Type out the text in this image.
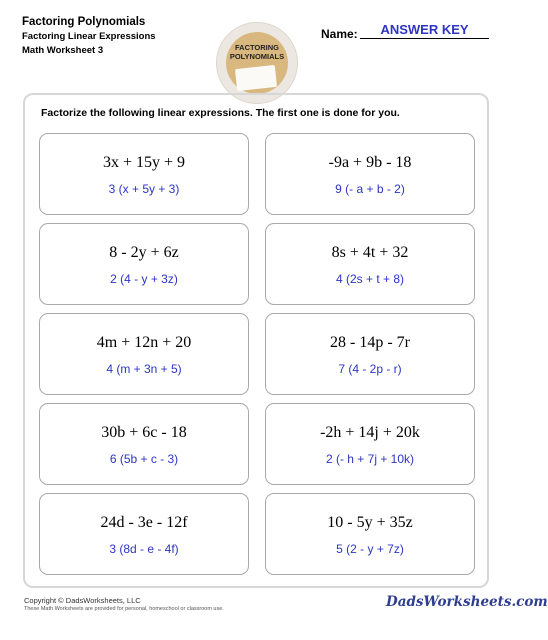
Factoring Polynomials
Factoring Linear Expressions
Math Worksheet 3	FACTORING POLYNOMIALS
Name:	ANSWER KEY
Factorize the following linear expressions. The first one is done for you.
3x + 15y + 9
3 (x + 5y + 3)
-9a + 9b - 18
9 (- a + b - 2)
8 - 2y + 6z
2 (4 - y + 3z)
8s + 4t + 32
4 (2s + t + 8)
4m + 12n + 20
4 (m + 3n + 5)
28 - 14p - 7r
7 (4 - 2p - r)
30b + 6c - 18
6 (5b + c - 3)
-2h + 14j + 20k
2 (- h + 7j + 10k)
24d - 3e - 12f
3 (8d - e - 4f)
10 - 5y + 35z
5 (2 - y + 7z)
Copyright © DadsWorksheets, LLC
These Math Worksheets are provided for personal, homeschool or classroom use.	DadsWorksheets.com
